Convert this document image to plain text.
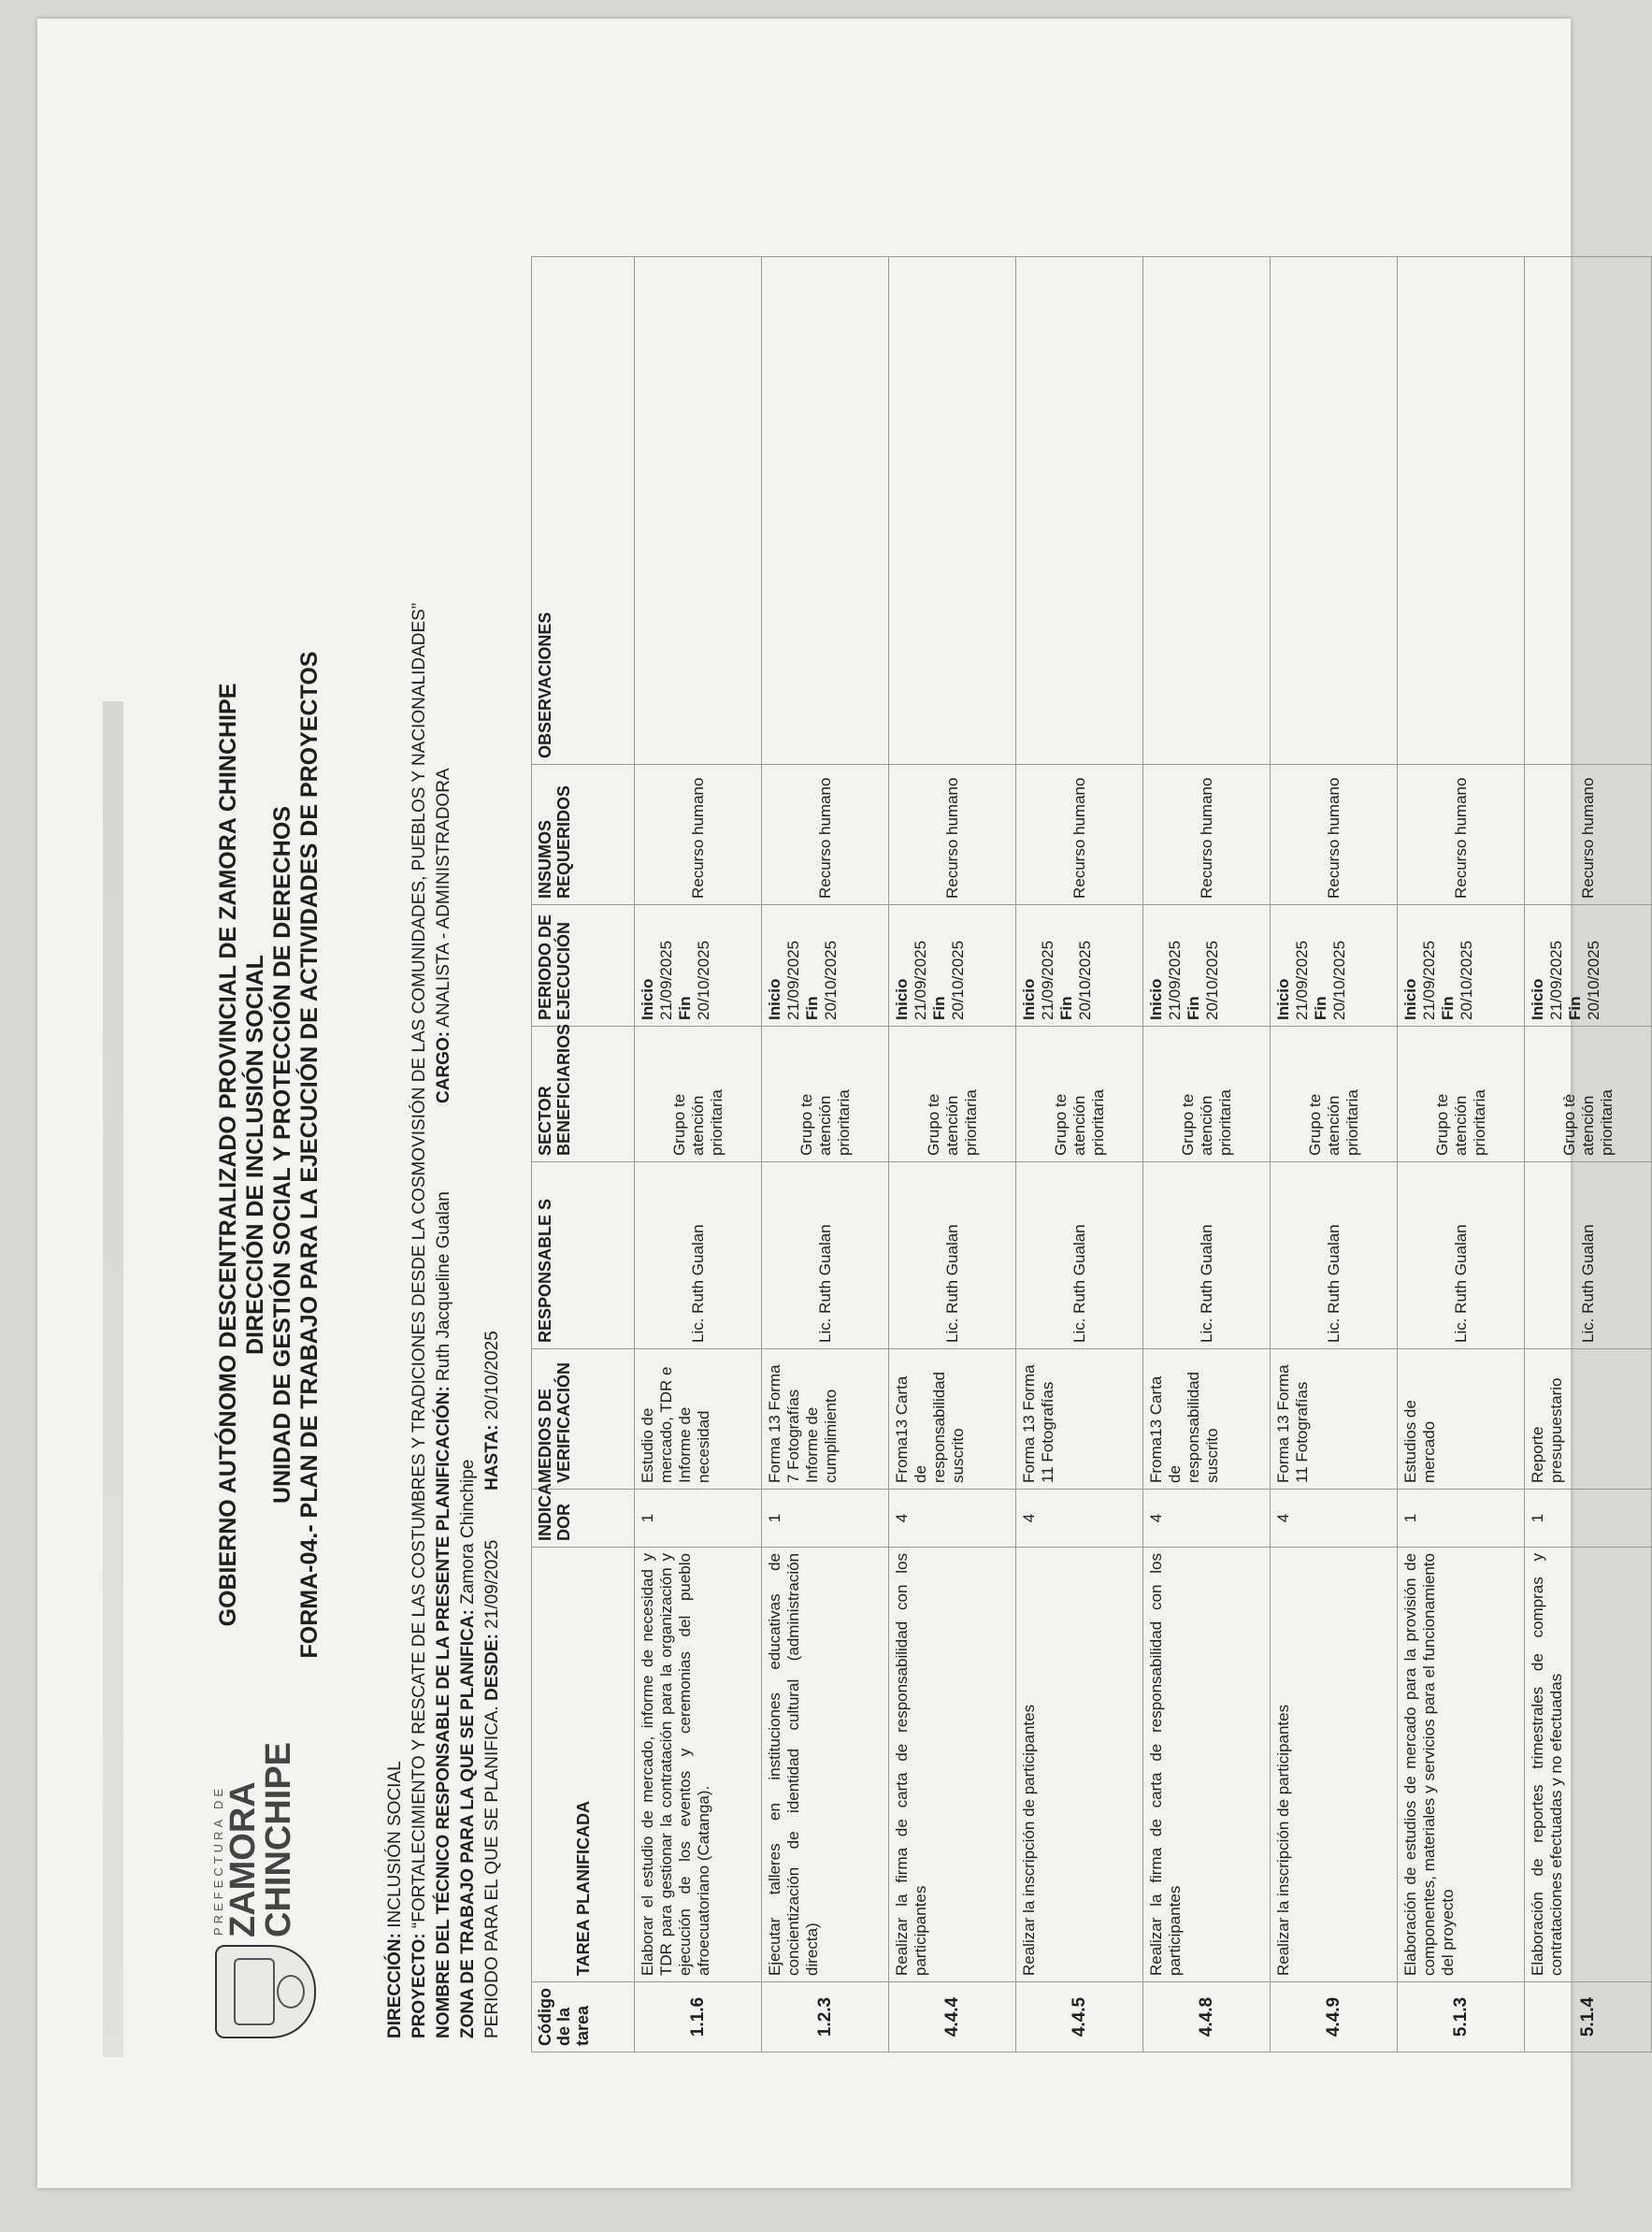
PREFECTURA DE
ZAMORA
CHINCHIPE
GOBIERNO AUTÓNOMO DESCENTRALIZADO PROVINCIAL DE ZAMORA CHINCHIPE DIRECCIÓN DE INCLUSIÓN SOCIAL UNIDAD DE GESTIÓN SOCIAL Y PROTECCIÓN DE DERECHOS FORMA-04.- PLAN DE TRABAJO PARA LA EJECUCIÓN DE ACTIVIDADES DE PROYECTOS
DIRECCIÓN: INCLUSIÓN SOCIAL
PROYECTO: “FORTALECIMIENTO Y RESCATE DE LAS COSTUMBRES Y TRADICIONES DESDE LA COSMOVISIÓN DE LAS COMUNIDADES, PUEBLOS Y NACIONALIDADES” NOMBRE DEL TÉCNICO RESPONSABLE DE LA PRESENTE PLANIFICACIÓN: Ruth Jacqueline Gualan
CARGO: ANALISTA - ADMINISTRADORA
ZONA DE TRABAJO PARA LA QUE SE PLANIFICA: Zamora Chinchipe
PERIODO PARA EL QUE SE PLANIFICA. DESDE: 21/09/2025          HASTA: 20/10/2025
Código de la tarea	TAREA PLANIFICADA	INDICA DOR	MEDIOS DE VERIFICACIÓN	RESPONSABLE S	SECTOR BENEFICIARIOS	PERIODO DE EJECUCIÓN	INSUMOS REQUERIDOS	OBSERVACIONES
1.1.6	Elaborar el estudio de mercado, informe de necesidad y TDR para gestionar la contratación para la organización y ejecución de los eventos y ceremonias del pueblo afroecuatoriano (Catanga).	1	Estudio de mercado, TDR e Informe de necesidad	Lic. Ruth Gualan	Grupo te atención prioritaria	Inicio 21/09/2025 Fin 20/10/2025	Recurso humano	
1.2.3	Ejecutar talleres en instituciones educativas de concientización de identidad cultural (administración directa)	1	Forma 13 Forma 7 Fotografías Informe de cumplimiento	Lic. Ruth Gualan	Grupo te atención prioritaria	Inicio 21/09/2025 Fin 20/10/2025	Recurso humano	
4.4.4	Realizar la firma de carta de responsabilidad con los participantes	4	Froma13 Carta de responsabilidad suscrito	Lic. Ruth Gualan	Grupo te atención prioritaria	Inicio 21/09/2025 Fin 20/10/2025	Recurso humano	
4.4.5	Realizar la inscripción de participantes	4	Forma 13 Forma 11 Fotografías	Lic. Ruth Gualan	Grupo te atención prioritaria	Inicio 21/09/2025 Fin 20/10/2025	Recurso humano	
4.4.8	Realizar la firma de carta de responsabilidad con los participantes	4	Froma13 Carta de responsabilidad suscrito	Lic. Ruth Gualan	Grupo te atención prioritaria	Inicio 21/09/2025 Fin 20/10/2025	Recurso humano	
4.4.9	Realizar la inscripción de participantes	4	Forma 13 Forma 11 Fotografías	Lic. Ruth Gualan	Grupo te atención prioritaria	Inicio 21/09/2025 Fin 20/10/2025	Recurso humano	
5.1.3	Elaboración de estudios de mercado para la provisión de componentes, materiales y servicios para el funcionamiento del proyecto	1	Estudios de mercado	Lic. Ruth Gualan	Grupo te atención prioritaria	Inicio 21/09/2025 Fin 20/10/2025	Recurso humano	
5.1.4	Elaboración de reportes trimestrales de compras y contrataciones efectuadas y no efectuadas	1	Reporte presupuestario	Lic. Ruth Gualan	Grupo tè atención prioritaria	Inicio 21/09/2025 Fin 20/10/2025	Recurso humano	
